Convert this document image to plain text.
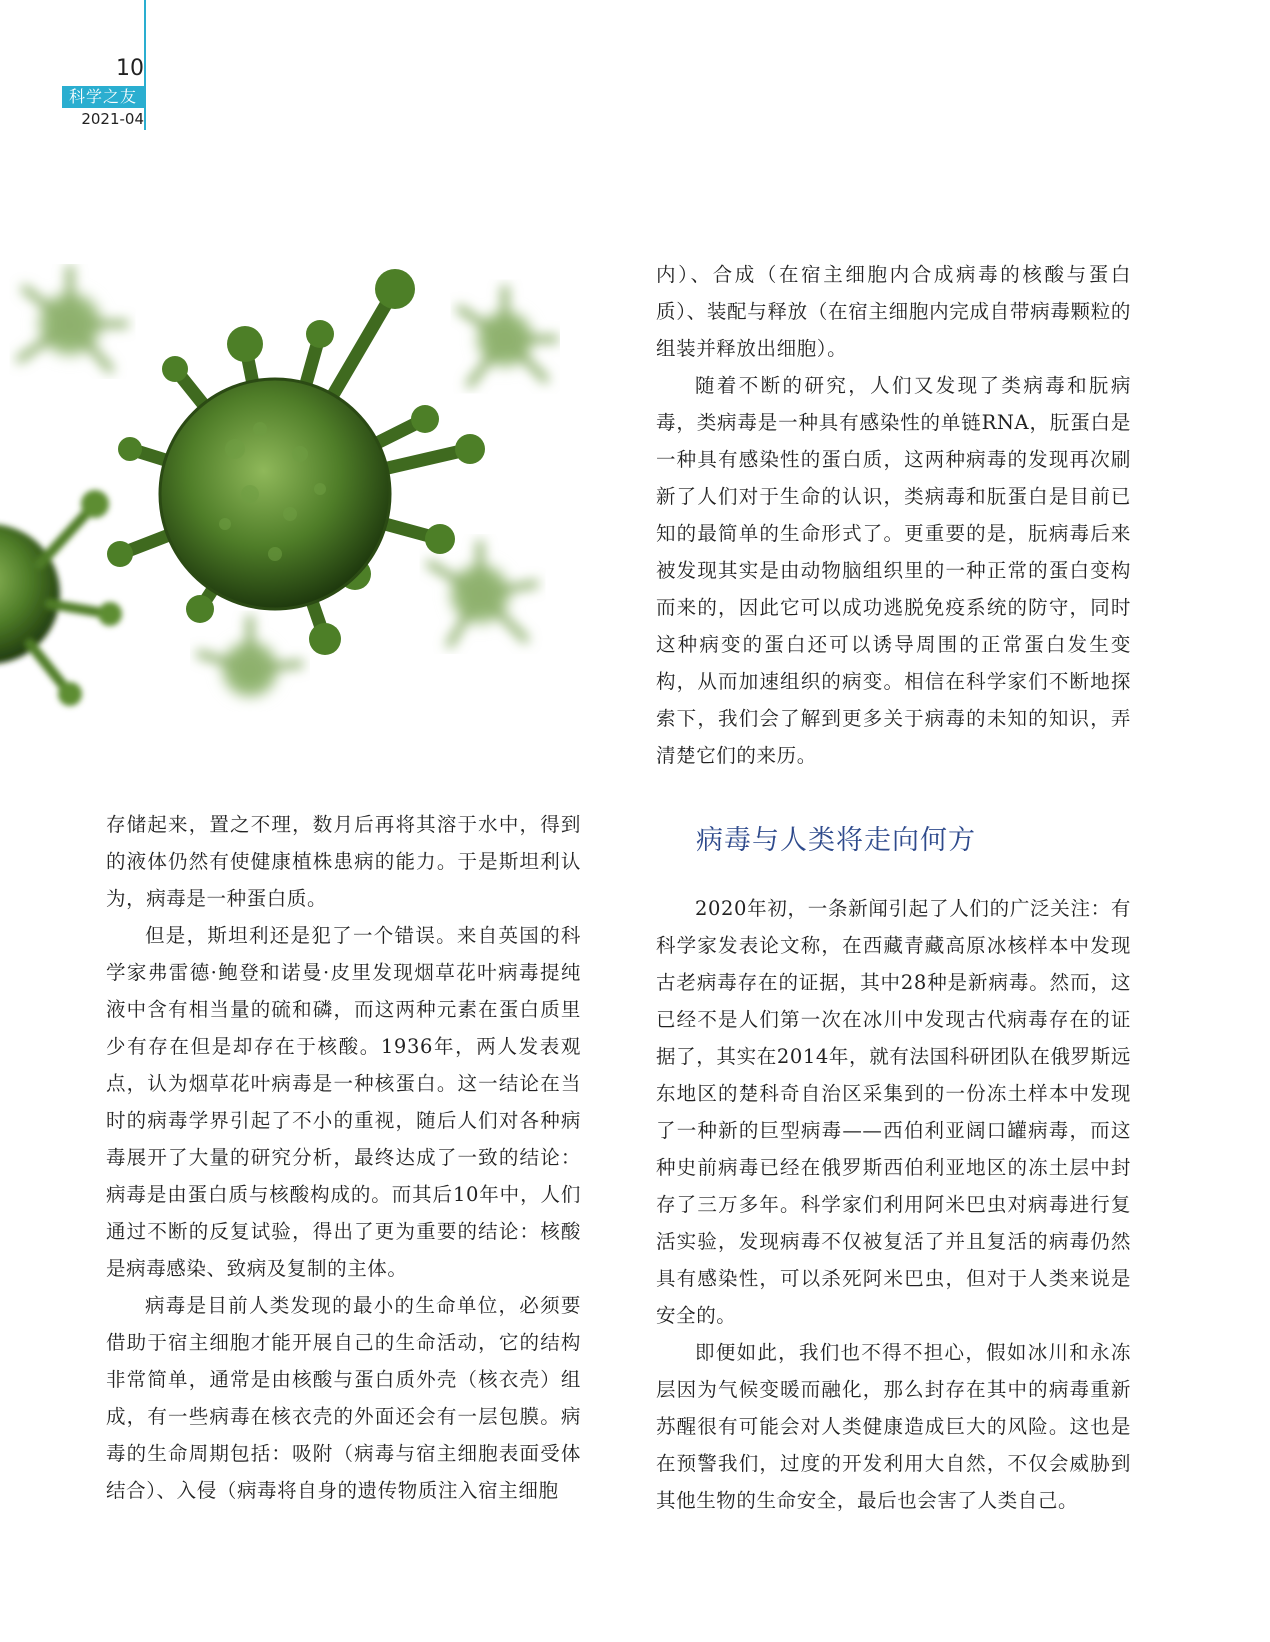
10
科学之友
2021-04

内）、合成（在宿主细胞内合成病毒的核酸与蛋白质）、装配与释放（在宿主细胞内完成自带病毒颗粒的组装并释放出细胞）。

随着不断的研究，人们又发现了类病毒和朊病毒，类病毒是一种具有感染性的单链RNA，朊蛋白是一种具有感染性的蛋白质，这两种病毒的发现再次刷新了人们对于生命的认识，类病毒和朊蛋白是目前已知的最简单的生命形式了。更重要的是，朊病毒后来被发现其实是由动物脑组织里的一种正常的蛋白变构而来的，因此它可以成功逃脱免疫系统的防守，同时这种病变的蛋白还可以诱导周围的正常蛋白发生变构，从而加速组织的病变。相信在科学家们不断地探索下，我们会了解到更多关于病毒的未知的知识，弄清楚它们的来历。

存储起来，置之不理，数月后再将其溶于水中，得到的液体仍然有使健康植株患病的能力。于是斯坦利认为，病毒是一种蛋白质。

但是，斯坦利还是犯了一个错误。来自英国的科学家弗雷德·鲍登和诺曼·皮里发现烟草花叶病毒提纯液中含有相当量的硫和磷，而这两种元素在蛋白质里少有存在但是却存在于核酸。1936年，两人发表观点，认为烟草花叶病毒是一种核蛋白。这一结论在当时的病毒学界引起了不小的重视，随后人们对各种病毒展开了大量的研究分析，最终达成了一致的结论：病毒是由蛋白质与核酸构成的。而其后10年中，人们通过不断的反复试验，得出了更为重要的结论：核酸是病毒感染、致病及复制的主体。

病毒是目前人类发现的最小的生命单位，必须要借助于宿主细胞才能开展自己的生命活动，它的结构非常简单，通常是由核酸与蛋白质外壳（核衣壳）组成，有一些病毒在核衣壳的外面还会有一层包膜。病毒的生命周期包括：吸附（病毒与宿主细胞表面受体结合）、入侵（病毒将自身的遗传物质注入宿主细胞

病毒与人类将走向何方

2020年初，一条新闻引起了人们的广泛关注：有科学家发表论文称，在西藏青藏高原冰核样本中发现古老病毒存在的证据，其中28种是新病毒。然而，这已经不是人们第一次在冰川中发现古代病毒存在的证据了，其实在2014年，就有法国科研团队在俄罗斯远东地区的楚科奇自治区采集到的一份冻土样本中发现了一种新的巨型病毒——西伯利亚阔口罐病毒，而这种史前病毒已经在俄罗斯西伯利亚地区的冻土层中封存了三万多年。科学家们利用阿米巴虫对病毒进行复活实验，发现病毒不仅被复活了并且复活的病毒仍然具有感染性，可以杀死阿米巴虫，但对于人类来说是安全的。

即便如此，我们也不得不担心，假如冰川和永冻层因为气候变暖而融化，那么封存在其中的病毒重新苏醒很有可能会对人类健康造成巨大的风险。这也是在预警我们，过度的开发利用大自然，不仅会威胁到其他生物的生命安全，最后也会害了人类自己。
